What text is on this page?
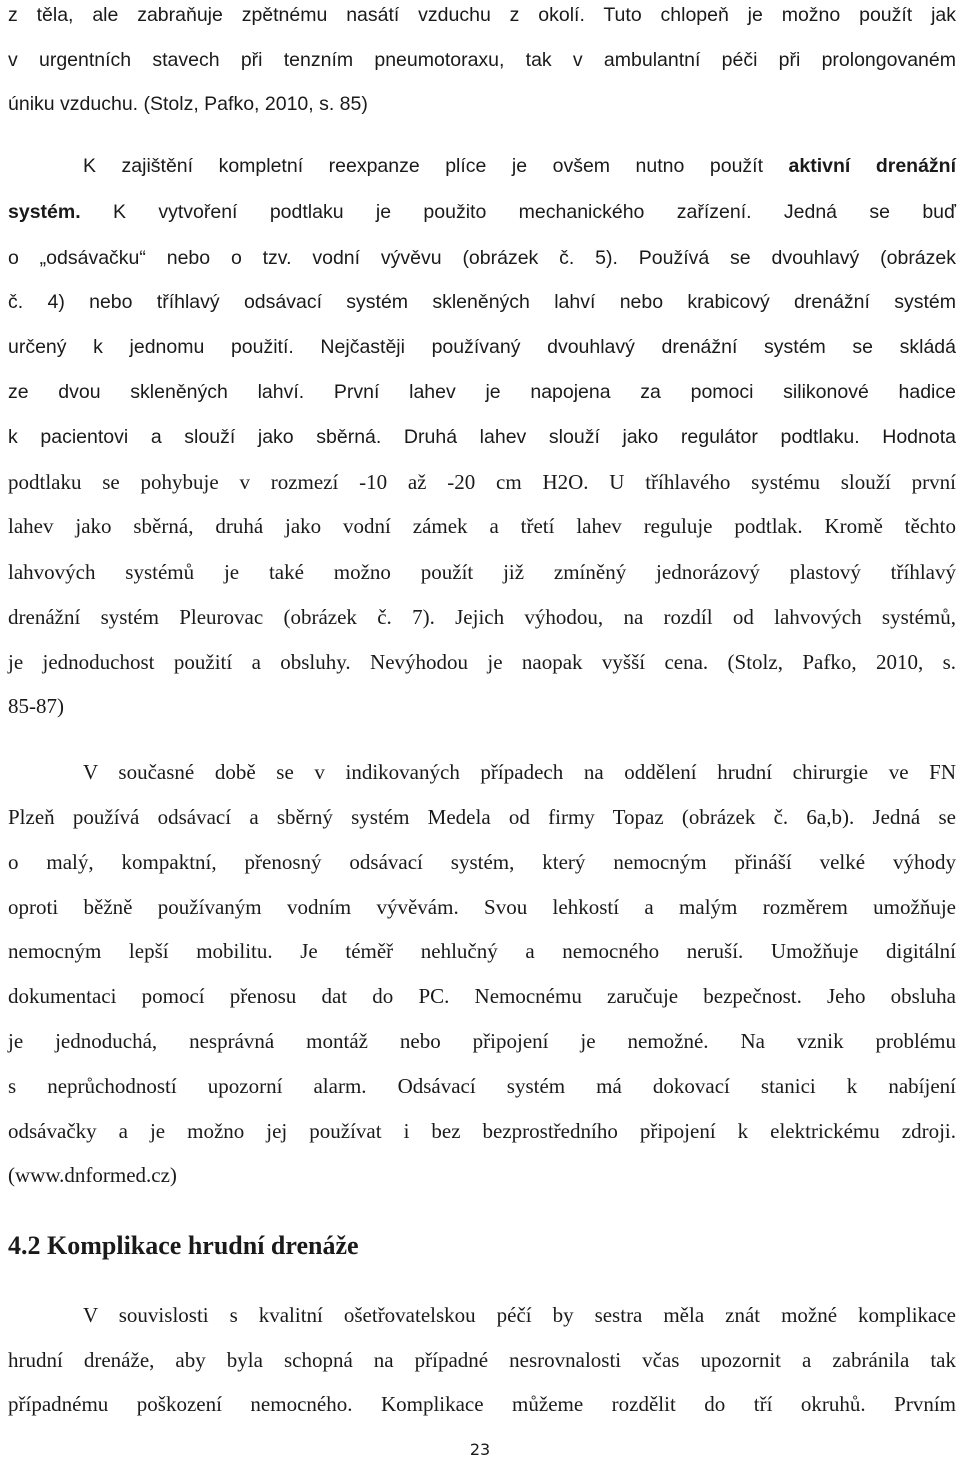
z těla, ale zabraňuje zpětnému nasátí vzduchu z okolí. Tuto chlopeň je možno použít jak
v urgentních stavech při tenzním pneumotoraxu, tak v ambulantní péči při prolongovaném
úniku vzduchu. (Stolz, Pafko, 2010, s. 85)
K zajištění kompletní reexpanze plíce je ovšem nutno použít aktivní drenážní
systém. K vytvoření podtlaku je použito mechanického zařízení. Jedná se buď
o „odsávačku“ nebo o tzv. vodní vývěvu (obrázek č. 5). Používá se dvouhlavý (obrázek
č. 4) nebo tříhlavý odsávací systém skleněných lahví nebo krabicový drenážní systém
určený k jednomu použití. Nejčastěji používaný dvouhlavý drenážní systém se skládá
ze dvou skleněných lahví. První lahev je napojena za pomoci silikonové hadice
k pacientovi a slouží jako sběrná. Druhá lahev slouží jako regulátor podtlaku. Hodnota
podtlaku se pohybuje v rozmezí -10 až -20 cm H2O. U tříhlavého systému slouží první
lahev jako sběrná, druhá jako vodní zámek a třetí lahev reguluje podtlak. Kromě těchto
lahvových systémů je také možno použít již zmíněný jednorázový plastový tříhlavý
drenážní systém Pleurovac (obrázek č. 7). Jejich výhodou, na rozdíl od lahvových systémů,
je jednoduchost použití a obsluhy. Nevýhodou je naopak vyšší cena. (Stolz, Pafko, 2010, s.
85-87)
V současné době se v indikovaných případech na oddělení hrudní chirurgie ve FN
Plzeň používá odsávací a sběrný systém Medela od firmy Topaz (obrázek č. 6a,b). Jedná se
o malý, kompaktní, přenosný odsávací systém, který nemocným přináší velké výhody
oproti běžně používaným vodním vývěvám. Svou lehkostí a malým rozměrem umožňuje
nemocným lepší mobilitu. Je téměř nehlučný a nemocného neruší. Umožňuje digitální
dokumentaci pomocí přenosu dat do PC. Nemocnému zaručuje bezpečnost. Jeho obsluha
je jednoduchá, nesprávná montáž nebo připojení je nemožné. Na vznik problému
s neprůchodností upozorní alarm. Odsávací systém má dokovací stanici k nabíjení
odsávačky a je možno jej používat i bez bezprostředního připojení k elektrickému zdroji.
(www.dnformed.cz)
4.2 Komplikace hrudní drenáže
V souvislosti s kvalitní ošetřovatelskou péčí by sestra měla znát možné komplikace
hrudní drenáže, aby byla schopná na případné nesrovnalosti včas upozornit a zabránila tak
případnému poškození nemocného. Komplikace můžeme rozdělit do tří okruhů. Prvním
23
